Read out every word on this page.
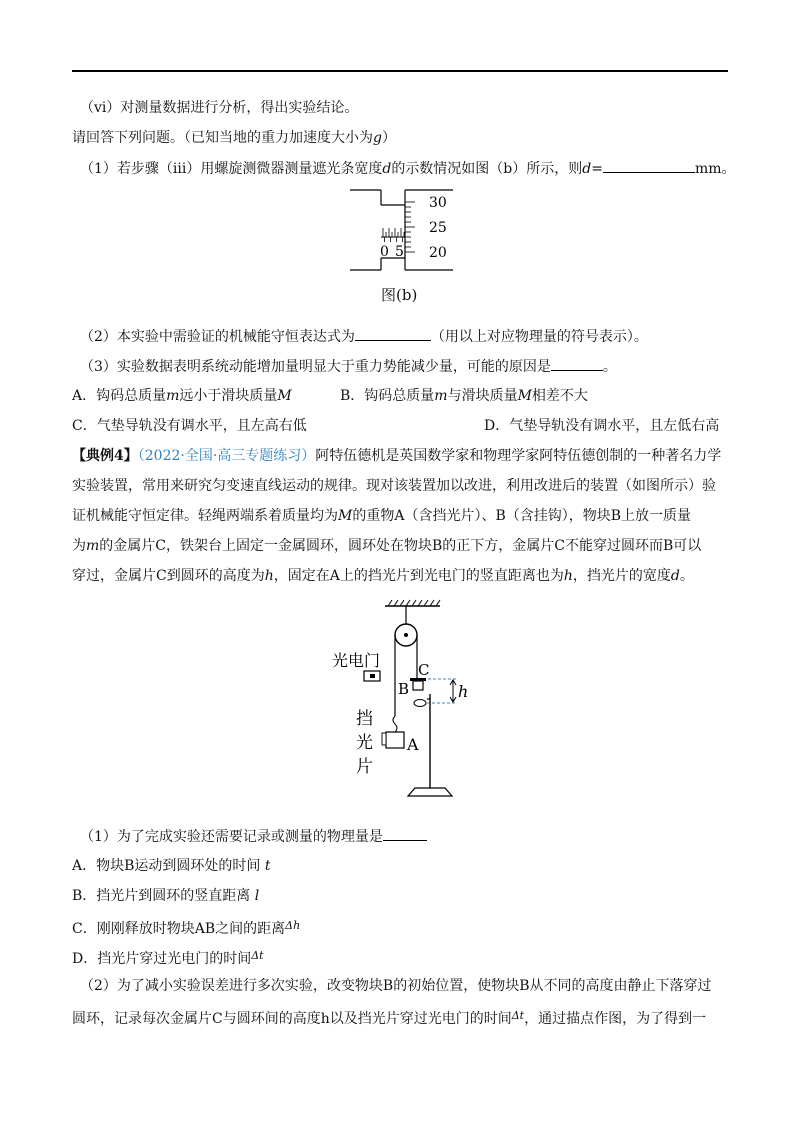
（vi）对测量数据进行分析，得出实验结论。
请回答下列问题。（已知当地的重力加速度大小为g）
（1）若步骤（iii）用螺旋测微器测量遮光条宽度d的示数情况如图（b）所示，则d=	mm。
30
25
20
0 5
图(b)
（2）本实验中需验证的机械能守恒表达式为	（用以上对应物理量的符号表示）。
（3）实验数据表明系统动能增加量明显大于重力势能减少量，可能的原因是	。
A．钩码总质量m远小于滑块质量M	B．钩码总质量m与滑块质量M相差不大
C．气垫导轨没有调水平，且左高右低	D．气垫导轨没有调水平，且左低右高
【典例4】（2022·全国·高三专题练习）阿特伍德机是英国数学家和物理学家阿特伍德创制的一种著名力学
实验装置，常用来研究匀变速直线运动的规律。现对该装置加以改进，利用改进后的装置（如图所示）验
证机械能守恒定律。轻绳两端系着质量均为M的重物A（含挡光片）、B（含挂钩），物块B上放一质量
为m的金属片C，铁架台上固定一金属圆环，圆环处在物块B的正下方，金属片C不能穿过圆环而B可以
穿过，金属片C到圆环的高度为h，固定在A上的挡光片到光电门的竖直距离也为h，挡光片的宽度d。
光电门	C
B	h
挡
光
片
A
（1）为了完成实验还需要记录或测量的物理量是
A．物块B运动到圆环处的时间 t
B．挡光片到圆环的竖直距离 l
C．刚刚释放时物块AB之间的距离$^{\Delta h}$
D．挡光片穿过光电门的时间$^{\Delta t}$
（2）为了减小实验误差进行多次实验，改变物块B的初始位置，使物块B从不同的高度由静止下落穿过
圆环，记录每次金属片C与圆环间的高度h以及挡光片穿过光电门的时间$^{\Delta t}$，通过描点作图，为了得到一
